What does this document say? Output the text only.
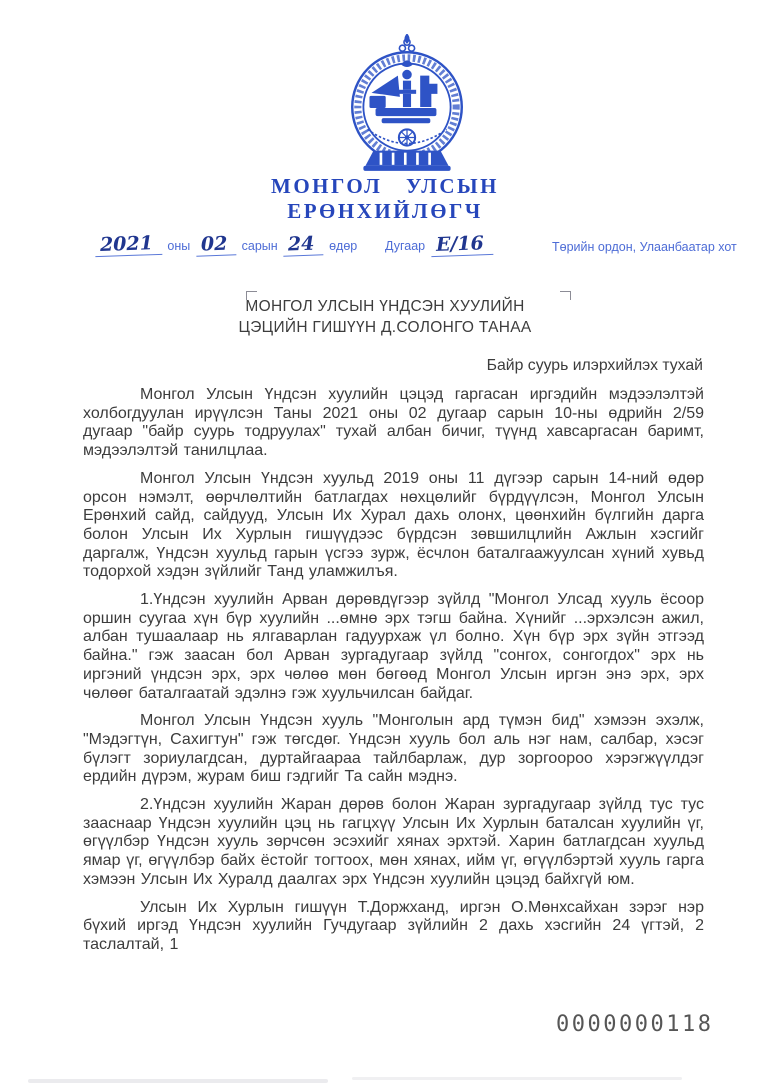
МОНГОЛ УЛСЫН
ЕРӨНХИЙЛӨГЧ
2021 оны 02 сарын 24 өдөр Дугаар Е/16	Төрийн ордон, Улаанбаатар хот
МОНГОЛ УЛСЫН ҮНДСЭН ХУУЛИЙН
ЦЭЦИЙН ГИШҮҮН Д.СОЛОНГО ТАНАА
Байр суурь илэрхийлэх тухай

Монгол Улсын Үндсэн хуулийн цэцэд гаргасан иргэдийн мэдээлэлтэй холбогдуулан ирүүлсэн Таны 2021 оны 02 дугаар сарын 10-ны өдрийн 2/59 дугаар "байр суурь тодруулах" тухай албан бичиг, түүнд хавсаргасан баримт, мэдээлэлтэй танилцлаа.

Монгол Улсын Үндсэн хуульд 2019 оны 11 дүгээр сарын 14-ний өдөр орсон нэмэлт, өөрчлөлтийн батлагдах нөхцөлийг бүрдүүлсэн, Монгол Улсын Ерөнхий сайд, сайдууд, Улсын Их Хурал дахь олонх, цөөнхийн бүлгийн дарга болон Улсын Их Хурлын гишүүдээс бүрдсэн зөвшилцлийн Ажлын хэсгийг даргалж, Үндсэн хуульд гарын үсгээ зурж, ёсчлон баталгаажуулсан хүний хувьд тодорхой хэдэн зүйлийг Танд уламжилъя.

1.Үндсэн хуулийн Арван дөрөвдүгээр зүйлд "Монгол Улсад хууль ёсоор оршин суугаа хүн бүр хуулийн ...өмнө эрх тэгш байна. Хүнийг ...эрхэлсэн ажил, албан тушаалаар нь ялгаварлан гадуурхаж үл болно. Хүн бүр эрх зүйн этгээд байна." гэж заасан бол Арван зургадугаар зүйлд "сонгох, сонгогдох" эрх нь иргэний үндсэн эрх, эрх чөлөө мөн бөгөөд Монгол Улсын иргэн энэ эрх, эрх чөлөөг баталгаатай эдэлнэ гэж хуульчилсан байдаг.

Монгол Улсын Үндсэн хууль "Монголын ард түмэн бид" хэмээн эхэлж, "Мэдэгтүн, Сахигтун" гэж төгсдөг. Үндсэн хууль бол аль нэг нам, салбар, хэсэг бүлэгт зориулагдсан, дуртайгаараа тайлбарлаж, дур зоргоороо хэрэгжүүлдэг ердийн дүрэм, журам биш гэдгийг Та сайн мэднэ.

2.Үндсэн хуулийн Жаран дөрөв болон Жаран зургадугаар зүйлд тус тус зааснаар Үндсэн хуулийн цэц нь гагцхүү Улсын Их Хурлын баталсан хуулийн үг, өгүүлбэр Үндсэн хууль зөрчсөн эсэхийг хянах эрхтэй. Харин батлагдсан хуульд ямар үг, өгүүлбэр байх ёстойг тогтоох, мөн хянах, ийм үг, өгүүлбэртэй хууль гарга хэмээн Улсын Их Хуралд даалгах эрх Үндсэн хуулийн цэцэд байхгүй юм.

Улсын Их Хурлын гишүүн Т.Доржханд, иргэн О.Мөнхсайхан зэрэг нэр бүхий иргэд Үндсэн хуулийн Гучдугаар зүйлийн 2 дахь хэсгийн 24 үгтэй, 2 таслалтай, 1

0000000118
